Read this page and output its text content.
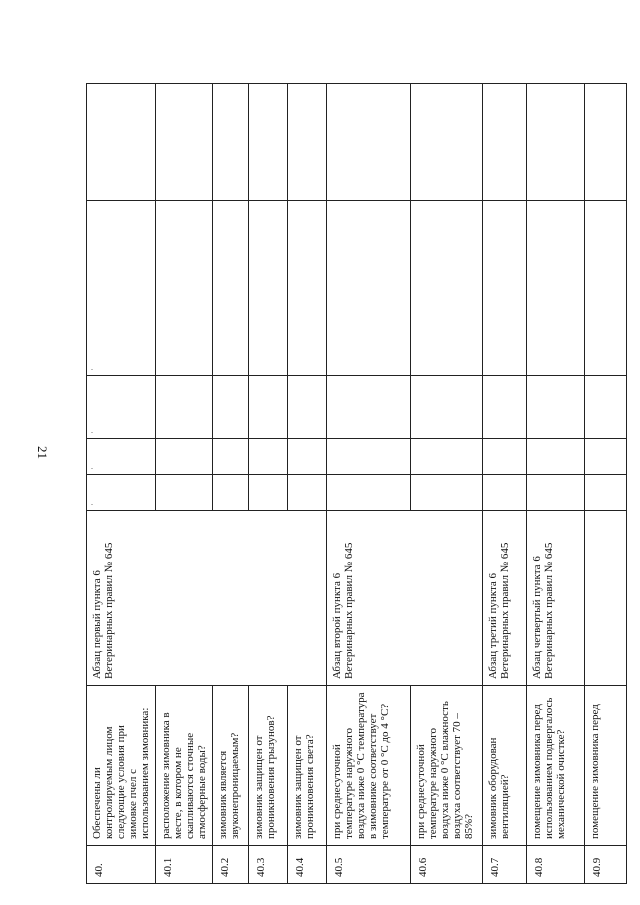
21
40.	Обеспечены ли контролируемым лицом следующие условия при зимовке пчел с использованием зимовника:	Абзац первый пункта 6 Ветеринарных правил № 645	˙	˙	˙	˙	
40.1	расположение зимовника в месте, в котором не скапливаются сточные атмосферные воды?						
40.2	зимовник является звуконепроницаемым?						
40.3	зимовник защищен от проникновения грызунов?						
40.4	зимовник защищен от проникновения света?						
40.5	при среднесуточной температуре наружного воздуха ниже 0 °С температура в зимовнике соответствует температуре от 0 °С до 4 °С?	Абзац второй пункта 6 Ветеринарных правил № 645					
40.6	при среднесуточной температуре наружного воздуха ниже 0 °С влажность воздуха соответствует 70 – 85%?						
40.7	зимовник оборудован вентиляцией?	Абзац третий пункта 6 Ветеринарных правил № 645					
40.8	помещение зимовника перед использованием подвергалось механической очистке?	Абзац четвертый пункта 6 Ветеринарных правил № 645					
40.9	помещение зимовника перед						
